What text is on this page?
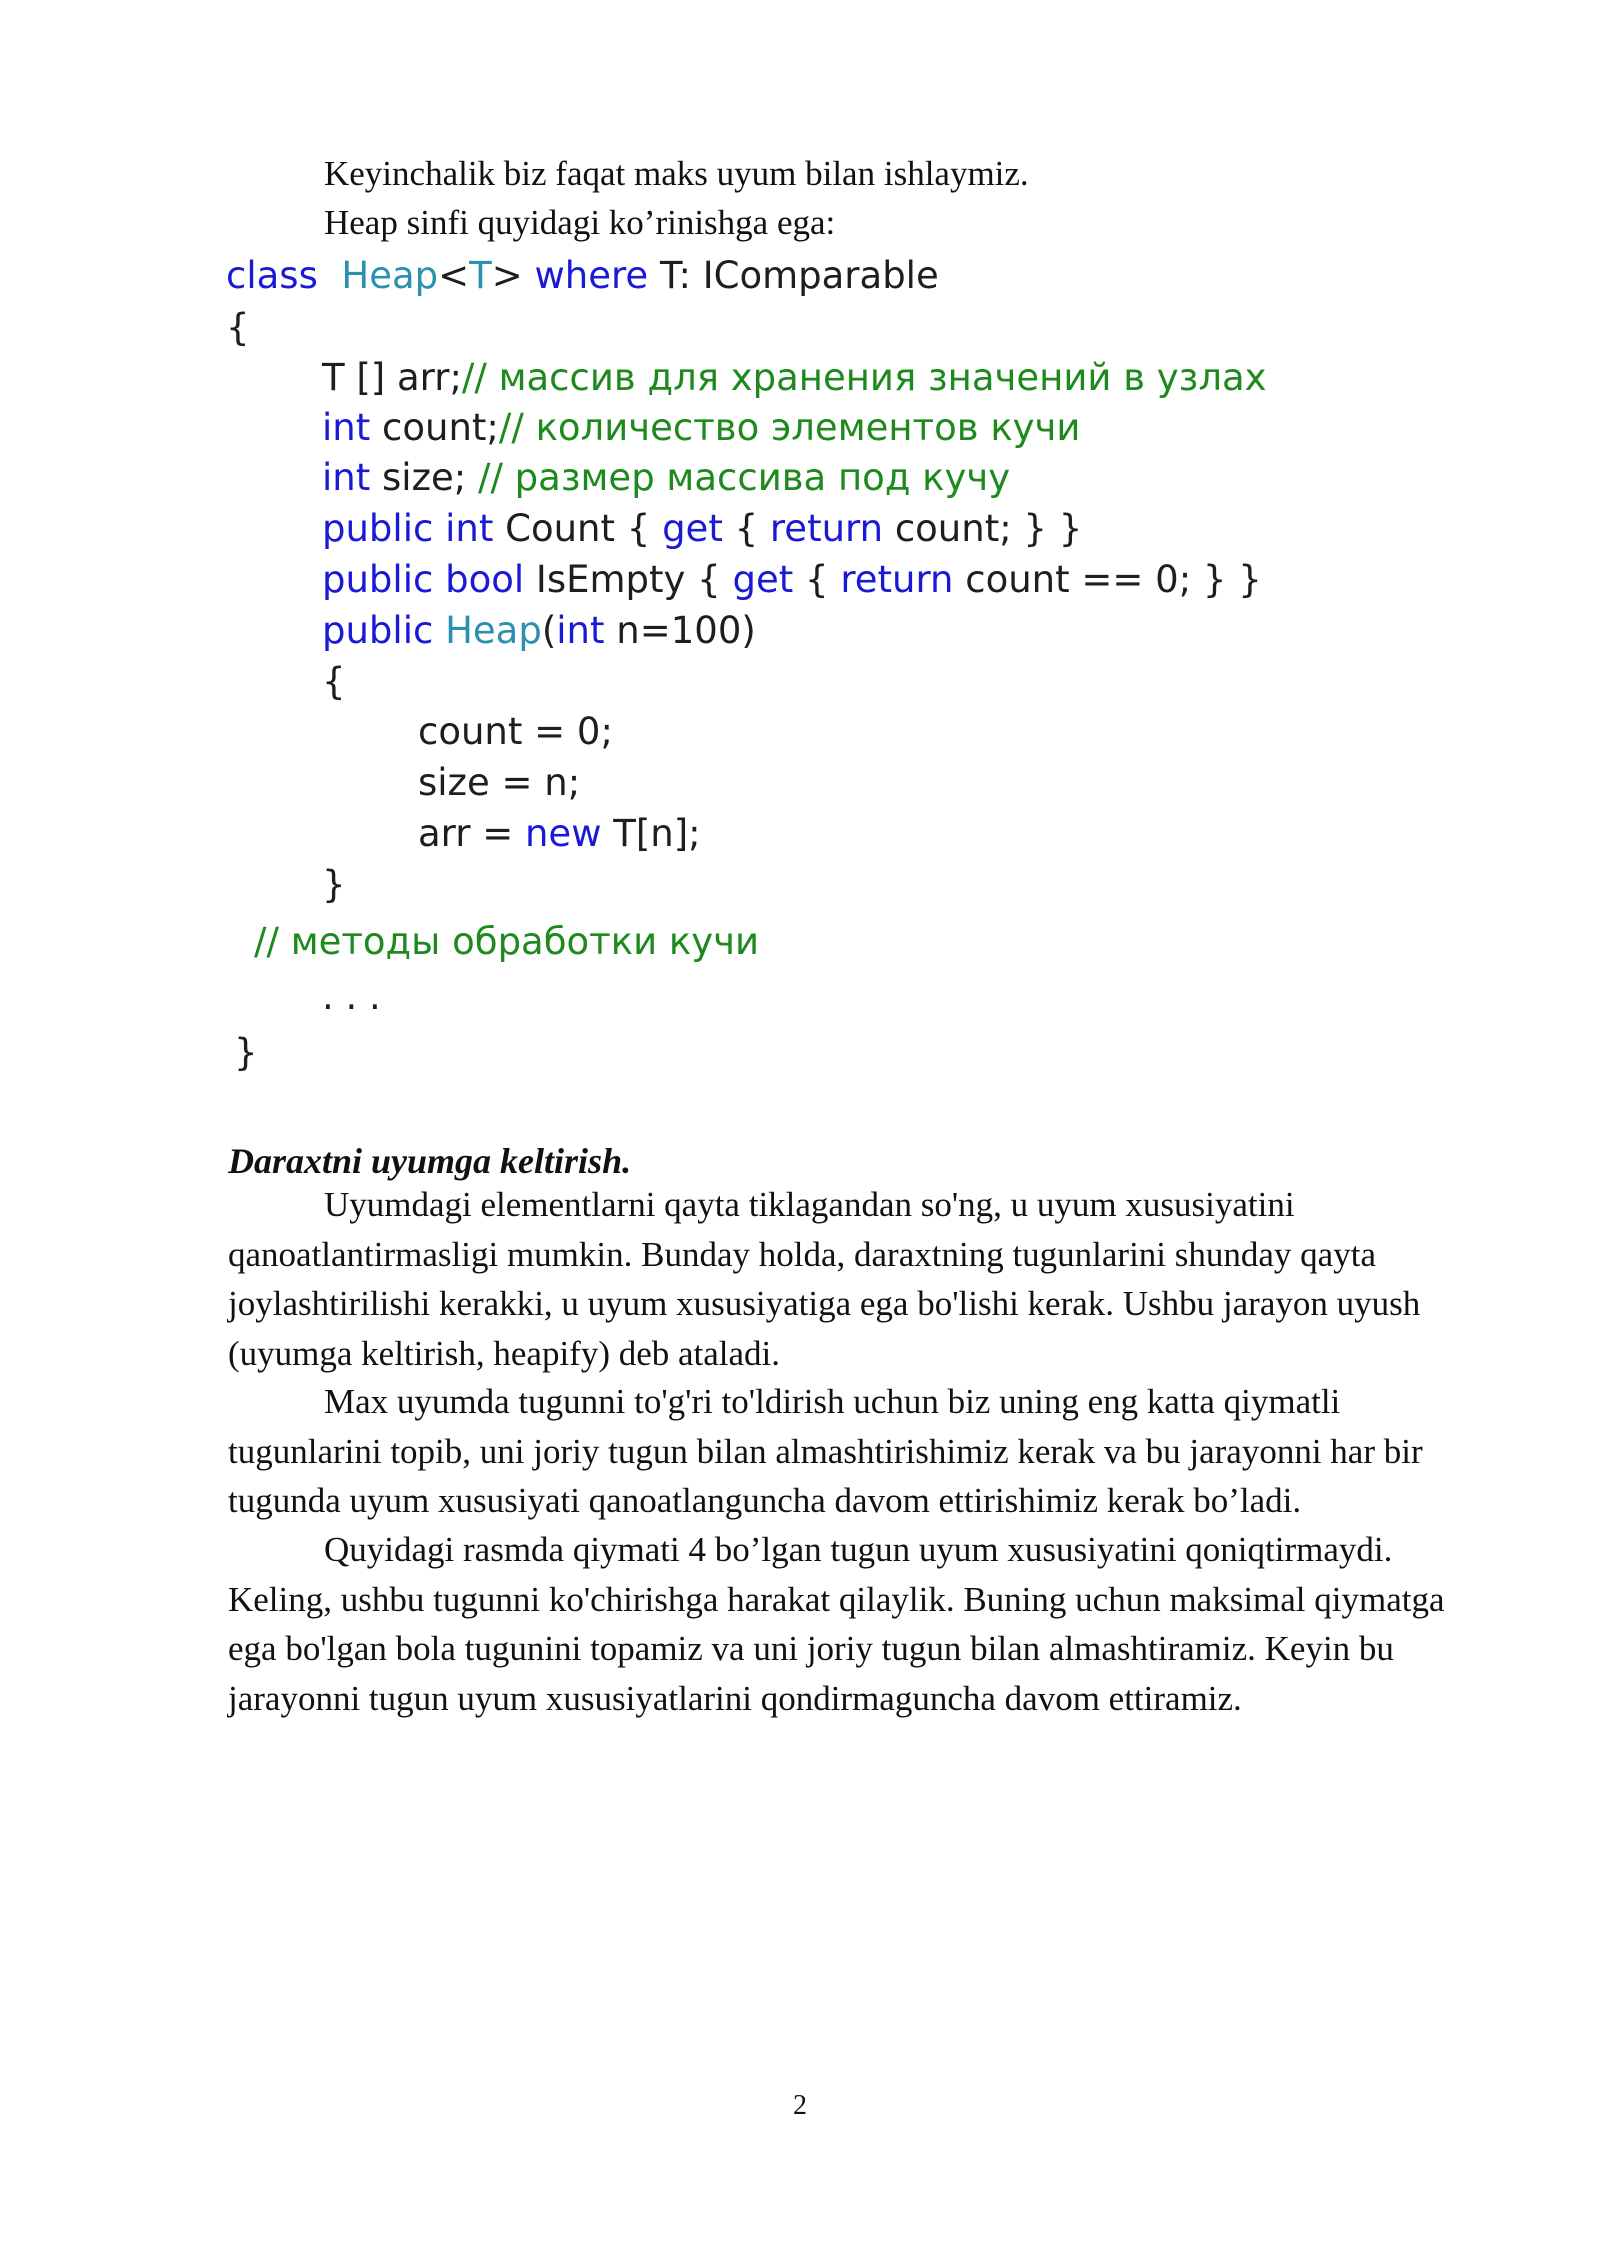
Keyinchalik biz faqat maks uyum bilan ishlaymiz.
Heap sinfi quyidagi ko’rinishga ega:
class Heap<T> where T: IComparable
{
T [] arr;// массив для хранения значений в узлах
int count;// количество элементов кучи
int size; // размер массива под кучу
public int Count { get { return count; } }
public bool IsEmpty { get { return count == 0; } }
public Heap(int n=100)
{
count = 0;
size = n;
arr = new T[n];
}
// методы обработки кучи
. . .
}
Daraxtni uyumga keltirish.

Uyumdagi elementlarni qayta tiklagandan so'ng, u uyum xususiyatini qanoatlantirmasligi mumkin. Bunday holda, daraxtning tugunlarini shunday qayta joylashtirilishi kerakki, u uyum xususiyatiga ega bo'lishi kerak. Ushbu jarayon uyush (uyumga keltirish, heapify) deb ataladi.

Max uyumda tugunni to'g'ri to'ldirish uchun biz uning eng katta qiymatli tugunlarini topib, uni joriy tugun bilan almashtirishimiz kerak va bu jarayonni har bir tugunda uyum xususiyati qanoatlanguncha davom ettirishimiz kerak bo’ladi.

Quyidagi rasmda qiymati 4 bo’lgan tugun uyum xususiyatini qoniqtirmaydi. Keling, ushbu tugunni ko'chirishga harakat qilaylik. Buning uchun maksimal qiymatga ega bo'lgan bola tugunini topamiz va uni joriy tugun bilan almashtiramiz. Keyin bu jarayonni tugun uyum xususiyatlarini qondirmaguncha davom ettiramiz.

2
